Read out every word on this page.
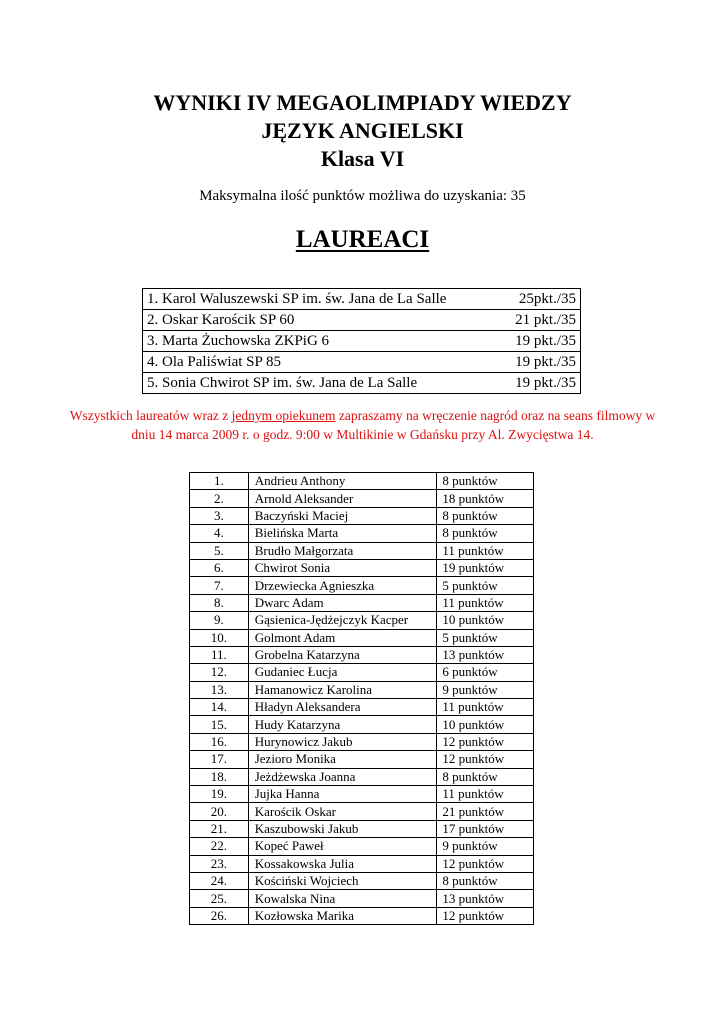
WYNIKI IV MEGAOLIMPIADY WIEDZY
JĘZYK ANGIELSKI
Klasa VI
Maksymalna ilość punktów możliwa do uzyskania: 35
LAUREACI
1. Karol Waluszewski SP im. św. Jana de La Salle	25pkt./35
2. Oskar Karościk SP 60	21 pkt./35
3. Marta Żuchowska ZKPiG 6	19 pkt./35
4. Ola Paliświat SP 85	19 pkt./35
5. Sonia Chwirot SP im. św. Jana de La Salle	19 pkt./35
Wszystkich laureatów wraz z jednym opiekunem zapraszamy na wręczenie nagród oraz na seans filmowy w dniu 14 marca 2009 r. o godz. 9:00 w Multikinie w Gdańsku przy Al. Zwycięstwa 14.
1.	Andrieu Anthony	8 punktów
2.	Arnold Aleksander	18 punktów
3.	Baczyński Maciej	8 punktów
4.	Bielińska Marta	8 punktów
5.	Brudło Małgorzata	11 punktów
6.	Chwirot Sonia	19 punktów
7.	Drzewiecka Agnieszka	5 punktów
8.	Dwarc Adam	11 punktów
9.	Gąsienica-Jędżejczyk Kacper	10 punktów
10.	Golmont Adam	5 punktów
11.	Grobelna Katarzyna	13 punktów
12.	Gudaniec Łucja	6 punktów
13.	Hamanowicz Karolina	9 punktów
14.	Hładyn Aleksandera	11 punktów
15.	Hudy Katarzyna	10 punktów
16.	Hurynowicz Jakub	12 punktów
17.	Jezioro Monika	12 punktów
18.	Jeżdżewska Joanna	8 punktów
19.	Jujka Hanna	11 punktów
20.	Karościk Oskar	21 punktów
21.	Kaszubowski Jakub	17 punktów
22.	Kopeć Paweł	9 punktów
23.	Kossakowska Julia	12 punktów
24.	Kościński Wojciech	8 punktów
25.	Kowalska Nina	13 punktów
26.	Kozłowska Marika	12 punktów
